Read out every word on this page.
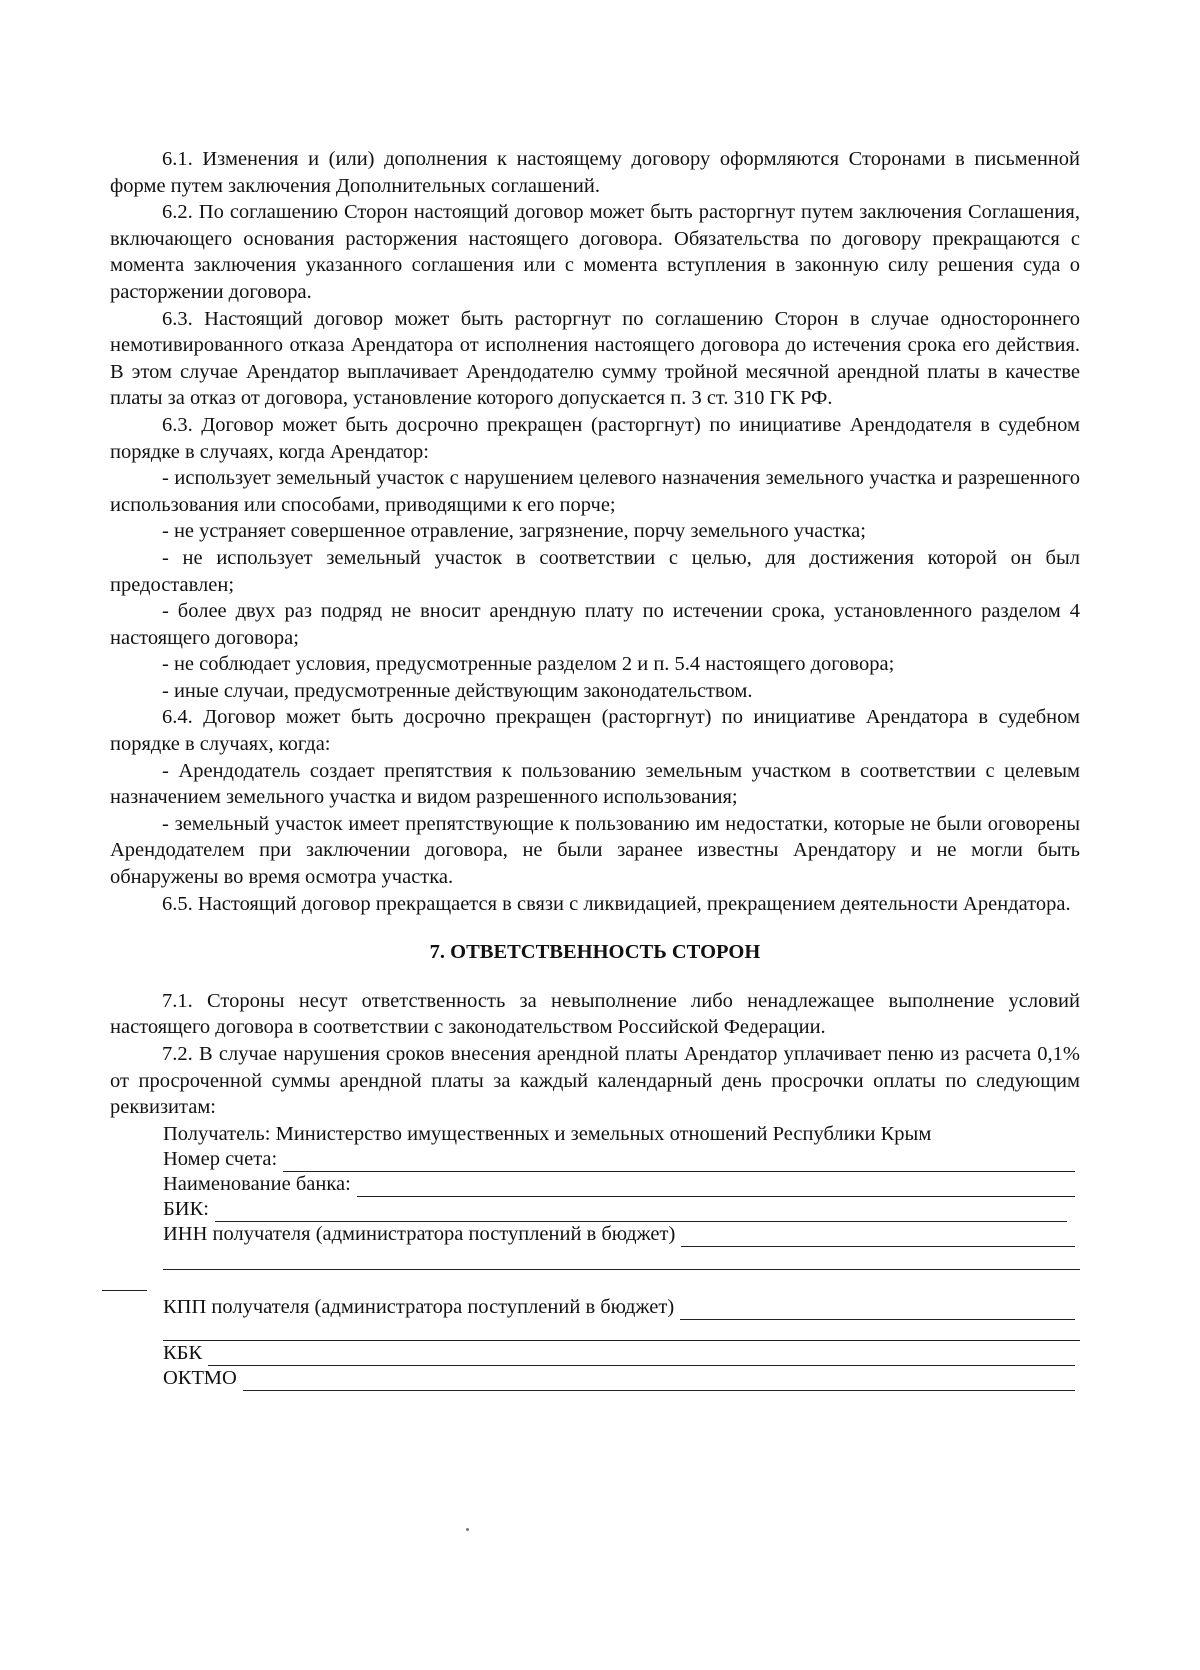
6.1. Изменения и (или) дополнения к настоящему договору оформляются Сторонами в письменной форме путем заключения Дополнительных соглашений.

6.2. По соглашению Сторон настоящий договор может быть расторгнут путем заключения Соглашения, включающего основания расторжения настоящего договора. Обязательства по договору прекращаются с момента заключения указанного соглашения или с момента вступления в законную силу решения суда о расторжении договора.

6.3. Настоящий договор может быть расторгнут по соглашению Сторон в случае одностороннего немотивированного отказа Арендатора от исполнения настоящего договора до истечения срока его действия. В этом случае Арендатор выплачивает Арендодателю сумму тройной месячной арендной платы в качестве платы за отказ от договора, установление которого допускается п. 3 ст. 310 ГК РФ.

6.3. Договор может быть досрочно прекращен (расторгнут) по инициативе Арендодателя в судебном порядке в случаях, когда Арендатор:

- использует земельный участок с нарушением целевого назначения земельного участка и разрешенного использования или способами, приводящими к его порче;

- не устраняет совершенное отравление, загрязнение, порчу земельного участка;

- не использует земельный участок в соответствии с целью, для достижения которой он был предоставлен;

- более двух раз подряд не вносит арендную плату по истечении срока, установленного разделом 4 настоящего договора;

- не соблюдает условия, предусмотренные разделом 2 и п. 5.4 настоящего договора;

- иные случаи, предусмотренные действующим законодательством.

6.4. Договор может быть досрочно прекращен (расторгнут) по инициативе Арендатора в судебном порядке в случаях, когда:

- Арендодатель создает препятствия к пользованию земельным участком в соответствии с целевым назначением земельного участка и видом разрешенного использования;

- земельный участок имеет препятствующие к пользованию им недостатки, которые не были оговорены Арендодателем при заключении договора, не были заранее известны Арендатору и не могли быть обнаружены во время осмотра участка.

6.5. Настоящий договор прекращается в связи с ликвидацией, прекращением деятельности Арендатора.

7. ОТВЕТСТВЕННОСТЬ СТОРОН

7.1. Стороны несут ответственность за невыполнение либо ненадлежащее выполнение условий настоящего договора в соответствии с законодательством Российской Федерации.

7.2. В случае нарушения сроков внесения арендной платы Арендатор уплачивает пеню из расчета 0,1% от просроченной суммы арендной платы за каждый календарный день просрочки оплаты по следующим реквизитам:

Получатель: Министерство имущественных и земельных отношений Республики Крым
Номер счета:
Наименование банка:
БИК:
ИНН получателя (администратора поступлений в бюджет)
КПП получателя (администратора поступлений в бюджет)
КБК
ОКТМО
